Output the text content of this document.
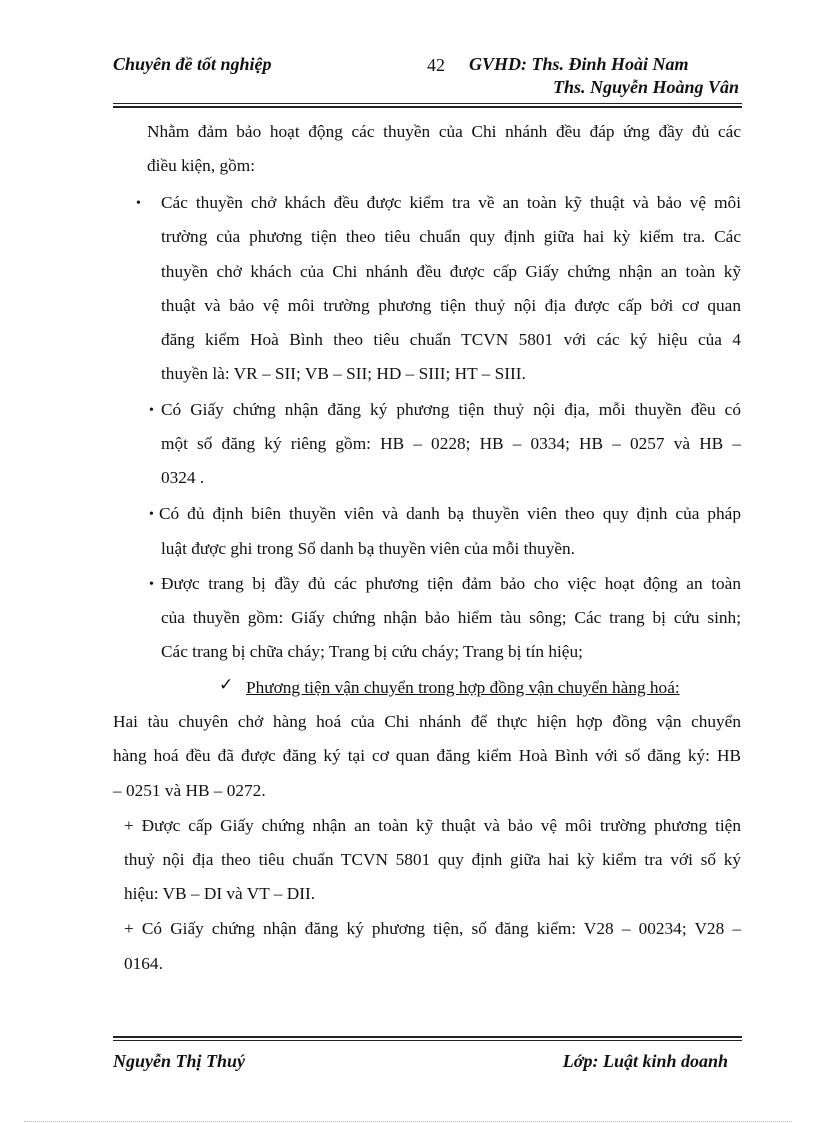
Chuyên đề tốt nghiệp	42 GVHD: Ths. Đinh Hoài Nam
Ths. Nguyễn Hoàng Vân
Nhằm đảm bảo hoạt động các thuyền của Chi nhánh đều đáp ứng đầy đủ các
điều kiện, gồm:
• Các thuyền chở khách đều được kiểm tra về an toàn kỹ thuật và bảo vệ môi
trường của phương tiện theo tiêu chuẩn quy định giữa hai kỳ kiểm tra. Các
thuyền chở khách của Chi nhánh đều được cấp Giấy chứng nhận an toàn kỹ
thuật và bảo vệ môi trường phương tiện thuỷ nội địa được cấp bởi cơ quan
đăng kiểm Hoà Bình theo tiêu chuẩn TCVN 5801 với các ký hiệu của 4
thuyền là: VR – SII; VB – SII; HD – SIII; HT – SIII.
• Có Giấy chứng nhận đăng ký phương tiện thuỷ nội địa, mỗi thuyền đều có
một số đăng ký riêng gồm: HB – 0228; HB – 0334; HB – 0257 và HB –
0324 .
• Có đủ định biên thuyền viên và danh bạ thuyền viên theo quy định của pháp
luật được ghi trong Sổ danh bạ thuyền viên của mỗi thuyền.
• Được trang bị đầy đủ các phương tiện đảm bảo cho việc hoạt động an toàn
của thuyền gồm: Giấy chứng nhận bảo hiểm tàu sông; Các trang bị cứu sinh;
Các trang bị chữa cháy; Trang bị cứu cháy; Trang bị tín hiệu;
✓ Phương tiện vận chuyển trong hợp đồng vận chuyển hàng hoá:
Hai tàu chuyên chở hàng hoá của Chi nhánh để thực hiện hợp đồng vận chuyển
hàng hoá đều đã được đăng ký tại cơ quan đăng kiểm Hoà Bình với số đăng ký: HB
– 0251 và HB – 0272.
+ Được cấp Giấy chứng nhận an toàn kỹ thuật và bảo vệ môi trường phương tiện
thuỷ nội địa theo tiêu chuẩn TCVN 5801 quy định giữa hai kỳ kiểm tra với số ký
hiệu: VB – DI và VT – DII.
+ Có Giấy chứng nhận đăng ký phương tiện, số đăng kiểm: V28 – 00234; V28 –
0164.
Nguyễn Thị Thuý	Lớp: Luật kinh doanh
